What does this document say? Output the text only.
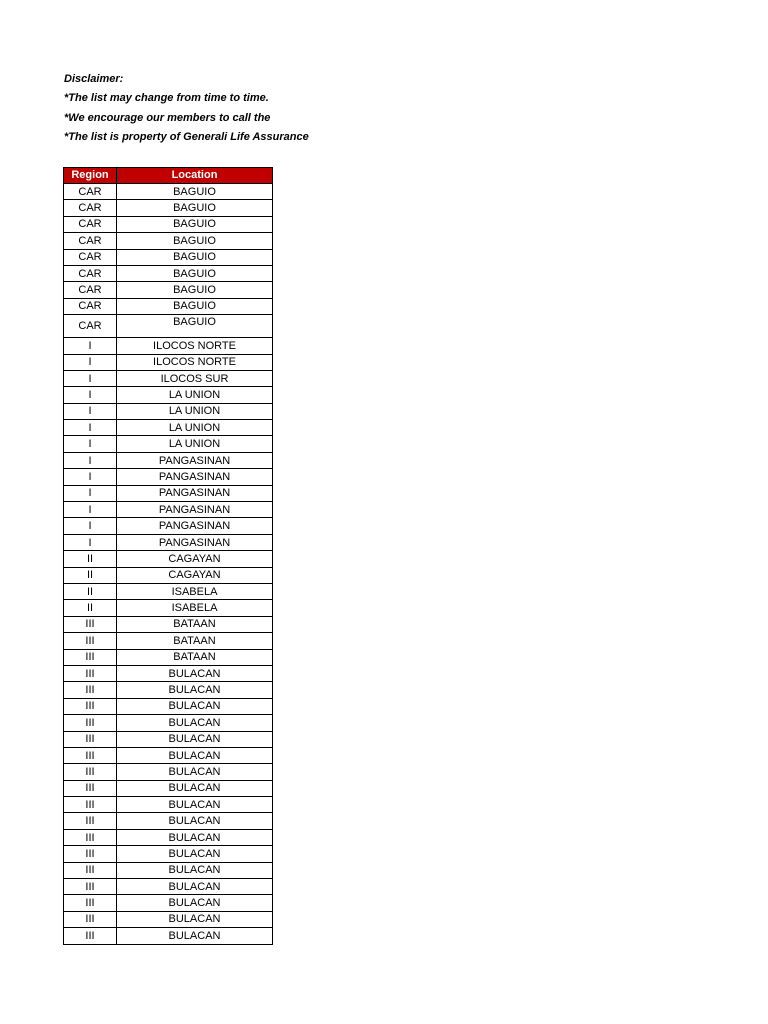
Disclaimer:
*The list may change from time to time.
*We encourage our members to call the
*The list is property of Generali Life Assurance
Region	Location
CAR	BAGUIO
CAR	BAGUIO
CAR	BAGUIO
CAR	BAGUIO
CAR	BAGUIO
CAR	BAGUIO
CAR	BAGUIO
CAR	BAGUIO
CAR	BAGUIO
I	ILOCOS NORTE
I	ILOCOS NORTE
I	ILOCOS SUR
I	LA UNION
I	LA UNION
I	LA UNION
I	LA UNION
I	PANGASINAN
I	PANGASINAN
I	PANGASINAN
I	PANGASINAN
I	PANGASINAN
I	PANGASINAN
II	CAGAYAN
II	CAGAYAN
II	ISABELA
II	ISABELA
III	BATAAN
III	BATAAN
III	BATAAN
III	BULACAN
III	BULACAN
III	BULACAN
III	BULACAN
III	BULACAN
III	BULACAN
III	BULACAN
III	BULACAN
III	BULACAN
III	BULACAN
III	BULACAN
III	BULACAN
III	BULACAN
III	BULACAN
III	BULACAN
III	BULACAN
III	BULACAN
